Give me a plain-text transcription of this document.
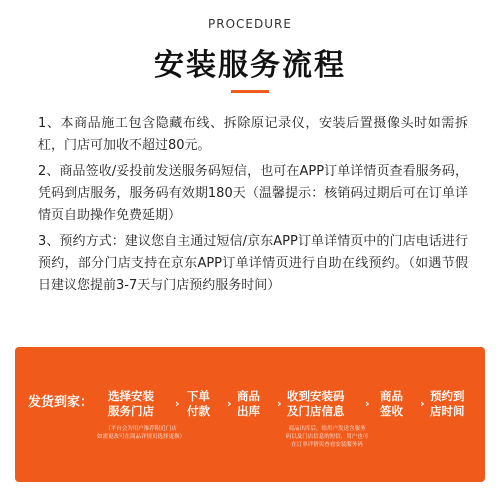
PROCEDURE
安装服务流程
1、本商品施工包含隐藏布线、拆除原记录仪，安装后置摄像头时如需拆杠，门店可加收不超过80元。
2、商品签收/妥投前发送服务码短信，也可在APP订单详情页查看服务码，凭码到店服务，服务码有效期180天（温馨提示：核销码过期后可在订单详情页自助操作免费延期）
3、预约方式：建议您自主通过短信/京东APP订单详情页中的门店电话进行预约，部分门店支持在京东APP订单详情页进行自助在线预约。（如遇节假日建议您提前3-7天与门店预约服务时间）
发货到家： 选择安装
服务门店
›
下单
付款
›
商品
出库
›
收到安装码
及门店信息
›
商品
签收
›
预约到
店时间
（平台会为用户推荐附近门店
如需更改可在商品详情页选择更换）
商品出库后，给用户发送含服务
码以及门店信息的短信，用户也可
在订单详情页查看安装服务码
